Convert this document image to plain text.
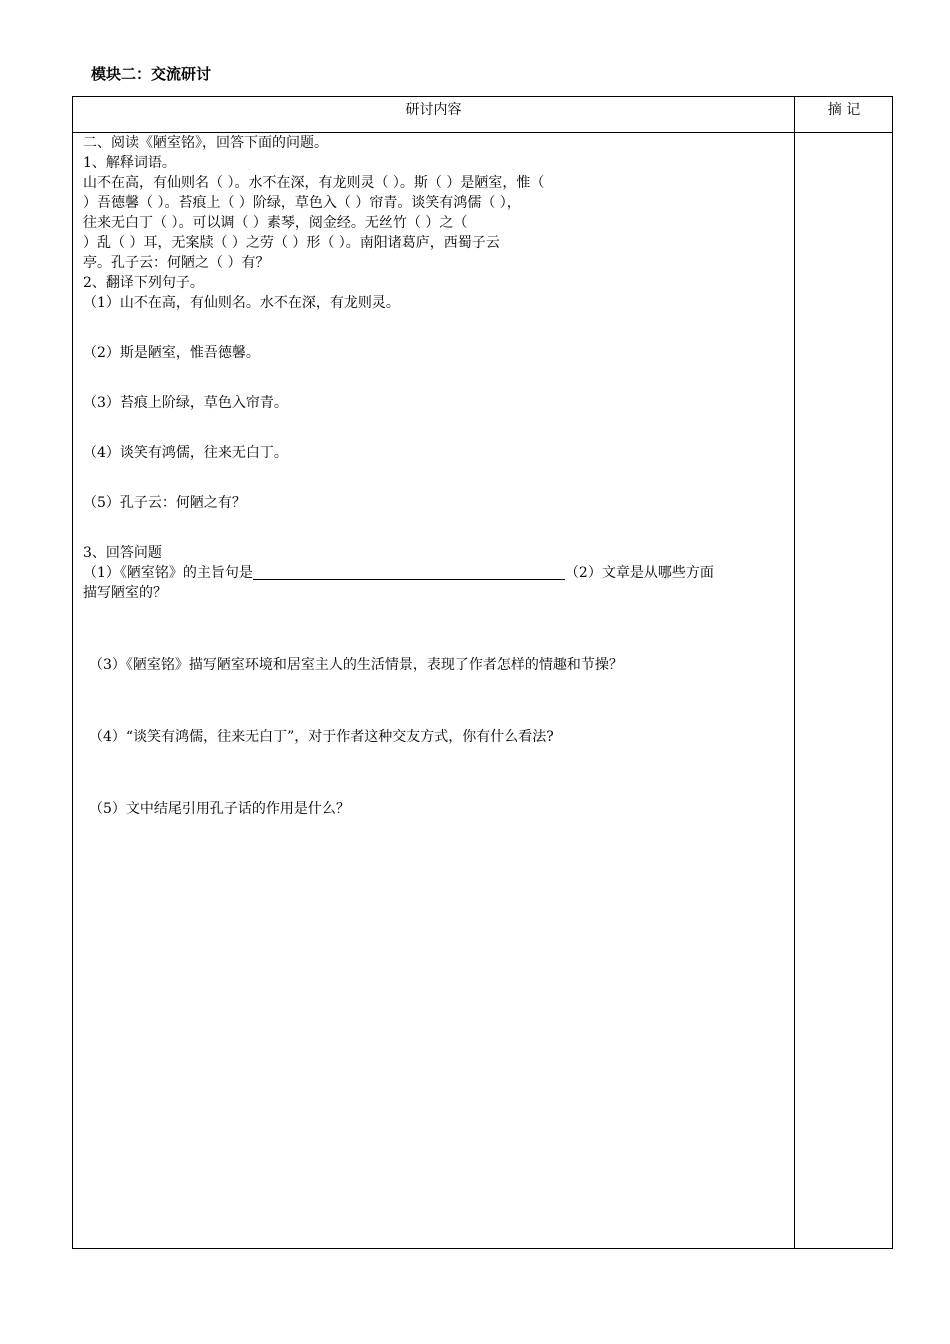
模块二：交流研讨
研讨内容	摘 记
二、阅读《陋室铭》，回答下面的问题。
1、解释词语。
山不在高，有仙则名（ ）。水不在深，有龙则灵（ ）。斯（ ）是陋室，惟（
）吾德馨（ ）。苔痕上（ ）阶绿，草色入（ ）帘青。谈笑有鸿儒（ ），
往来无白丁（ ）。可以调（ ）素琴，阅金经。无丝竹（ ）之（
）乱（ ）耳，无案牍（ ）之劳（ ）形（ ）。南阳诸葛庐，西蜀子云
亭。孔子云：何陋之（ ）有？
2、翻译下列句子。
（1）山不在高，有仙则名。水不在深，有龙则灵。
（2）斯是陋室，惟吾德馨。
（3）苔痕上阶绿，草色入帘青。
（4）谈笑有鸿儒，往来无白丁。
（5）孔子云：何陋之有？
3、回答问题
（1）《陋室铭》的主旨句是	（2）文章是从哪些方面
描写陋室的？
（3）《陋室铭》描写陋室环境和居室主人的生活情景，表现了作者怎样的情趣和节操？
（4）“谈笑有鸿儒，往来无白丁”，对于作者这种交友方式，你有什么看法?
（5）文中结尾引用孔子话的作用是什么？
